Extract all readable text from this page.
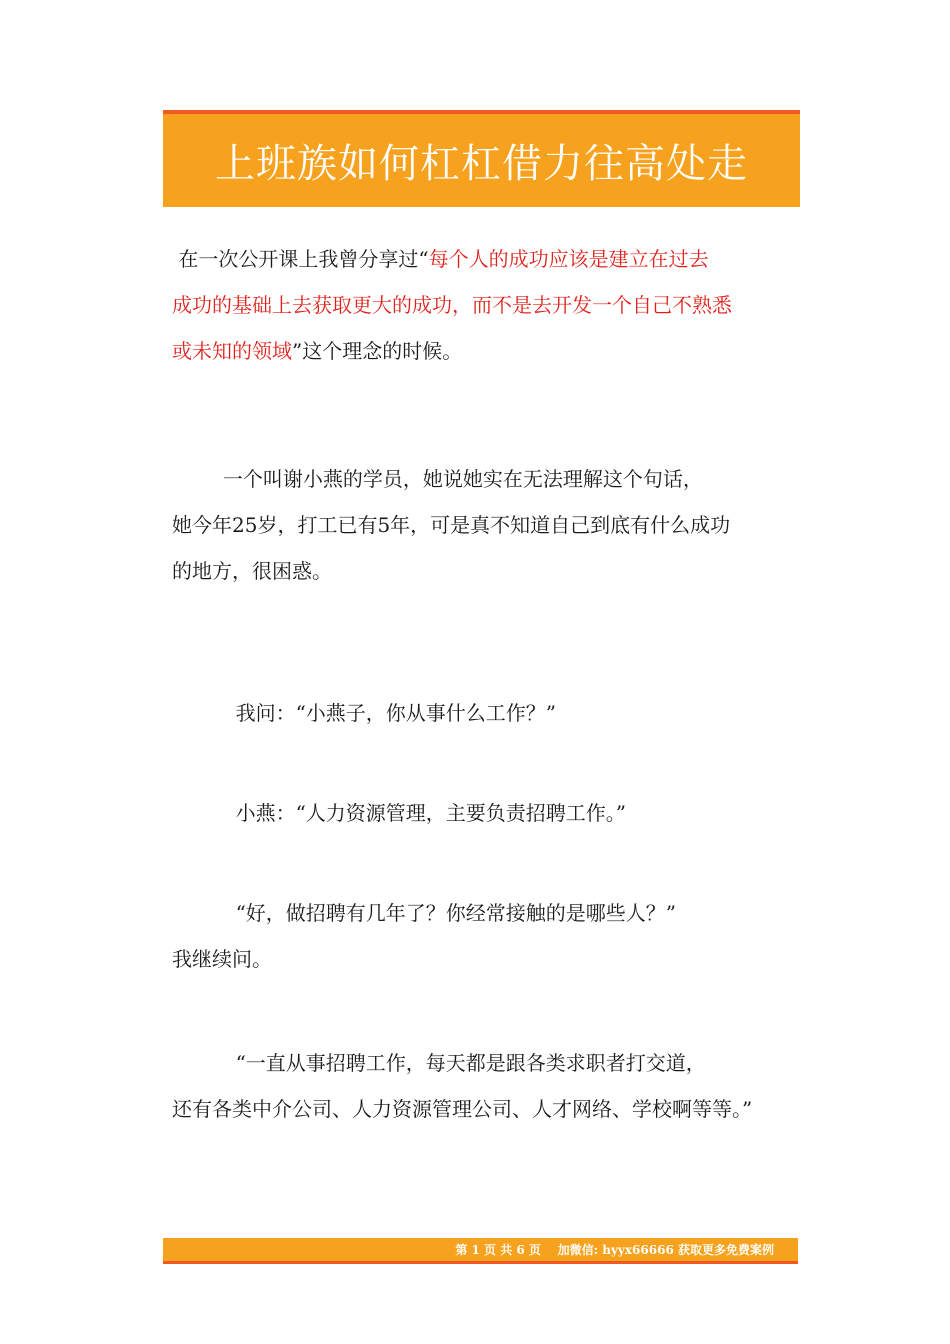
上班族如何杠杠借力往高处走
在一次公开课上我曾分享过“每个人的成功应该是建立在过去
成功的基础上去获取更大的成功，而不是去开发一个自己不熟悉
或未知的领域”这个理念的时候。
一个叫谢小燕的学员，她说她实在无法理解这个句话，
她今年25岁，打工已有5年，可是真不知道自己到底有什么成功
的地方，很困惑。
我问：“小燕子，你从事什么工作？”
小燕：“人力资源管理，主要负责招聘工作。”
“好，做招聘有几年了？你经常接触的是哪些人？”
我继续问。
“一直从事招聘工作，每天都是跟各类求职者打交道，
还有各类中介公司、人力资源管理公司、人才网络、学校啊等等。”
第 1 页 共 6 页    加微信: hyyx66666 获取更多免费案例
